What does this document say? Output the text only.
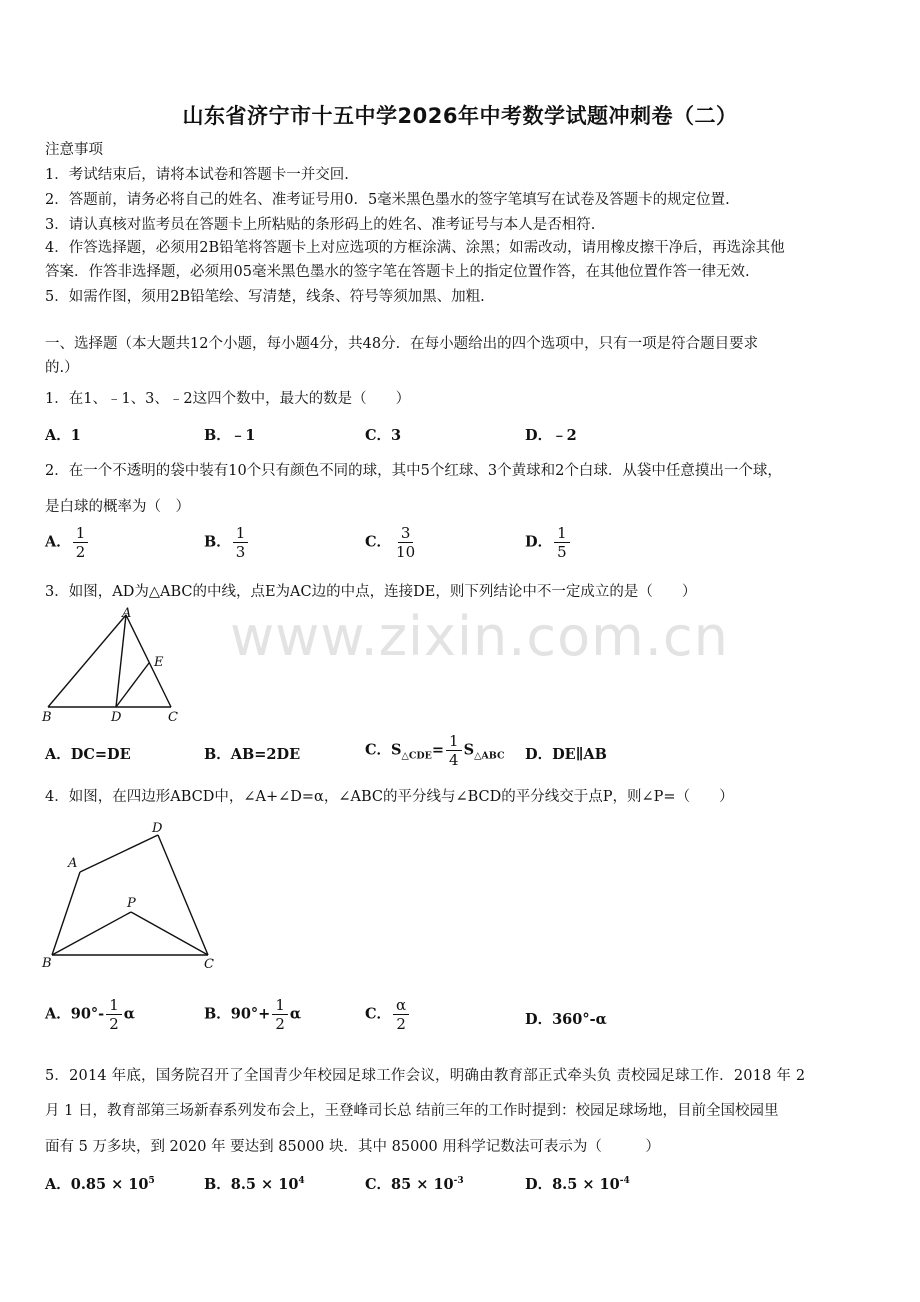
山东省济宁市十五中学2026年中考数学试题冲刺卷（二）
注意事项
1．考试结束后，请将本试卷和答题卡一并交回.
2．答题前，请务必将自己的姓名、准考证号用0．5毫米黑色墨水的签字笔填写在试卷及答题卡的规定位置.
3．请认真核对监考员在答题卡上所粘贴的条形码上的姓名、准考证号与本人是否相符.
4．作答选择题，必须用2B铅笔将答题卡上对应选项的方框涂满、涂黑；如需改动，请用橡皮擦干净后，再选涂其他
答案．作答非选择题，必须用05毫米黑色墨水的签字笔在答题卡上的指定位置作答，在其他位置作答一律无效.
5．如需作图，须用2B铅笔绘、写清楚，线条、符号等须加黑、加粗.
一、选择题（本大题共12个小题，每小题4分，共48分．在每小题给出的四个选项中，只有一项是符合题目要求
的.）
1．在1、﹣1、3、﹣2这四个数中，最大的数是（　　）
A．1	B．﹣1	C．3	D．﹣2
2．在一个不透明的袋中装有10个只有颜色不同的球，其中5个红球、3个黄球和2个白球．从袋中任意摸出一个球，
是白球的概率为（　）
A． $\frac{1}{2}$	B． $\frac{1}{3}$	C． $\frac{3}{10}$	D． $\frac{1}{5}$
3．如图，AD为△ABC的中线，点E为AC边的中点，连接DE，则下列结论中不一定成立的是（　　）
A
B	C
D
E www.zixin.com.cn
A．DC=DE	B．AB=2DE	C．$S_{\triangle CDE}= \frac{1}{4} S_{\triangle ABC}$ D．DE∥AB
4．如图，在四边形ABCD中，∠A+∠D=α，∠ABC的平分线与∠BCD的平分线交于点P，则∠P=（　　）
A
B	C
D
P
A．$90^\circ- \frac{1}{2}$ α	B．$90^\circ+ \frac{1}{2}$ α	C． $\frac{\alpha}{2}$	D．360°-α
5．2014 年底，国务院召开了全国青少年校园足球工作会议，明确由教育部正式牵头负 责校园足球工作．2018 年 2
月 1 日，教育部第三场新春系列发布会上，王登峰司长总 结前三年的工作时提到：校园足球场地，目前全国校园里
面有 5 万多块，到 2020 年 要达到 85000 块．其中 85000 用科学记数法可表示为（　　　）
A．$0.85 \times 10^5$	B．$8.5 \times 10^4$	C．$85 \times 10^{-3}$	D．$8.5 \times 10^{-4}$
